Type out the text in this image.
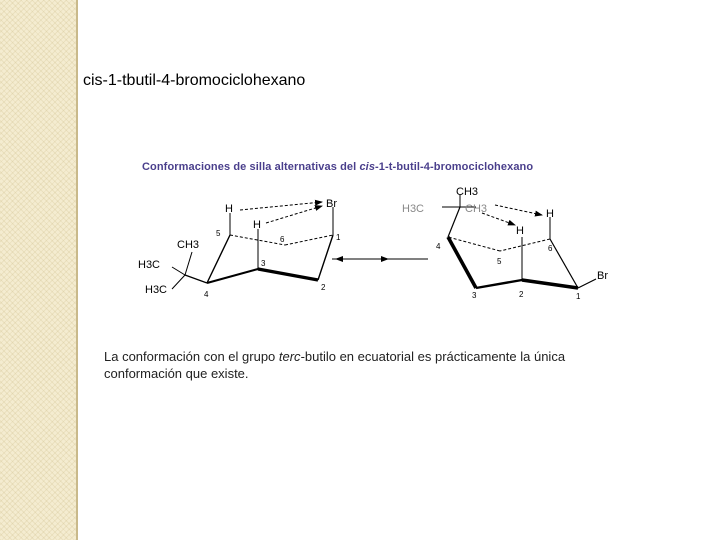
cis-1-tbutil-4-bromociclohexano
Conformaciones de silla alternativas del cis-1-t-butil-4-bromociclohexano
H
H
Br
CH3
H3C
H3C
1
2
3
4
5
6
CH3
H3C	CH3	H
H
Br
1
2
3
4
5
6
La conformación con el grupo terc-butilo en ecuatorial es prácticamente la única conformación que existe.
